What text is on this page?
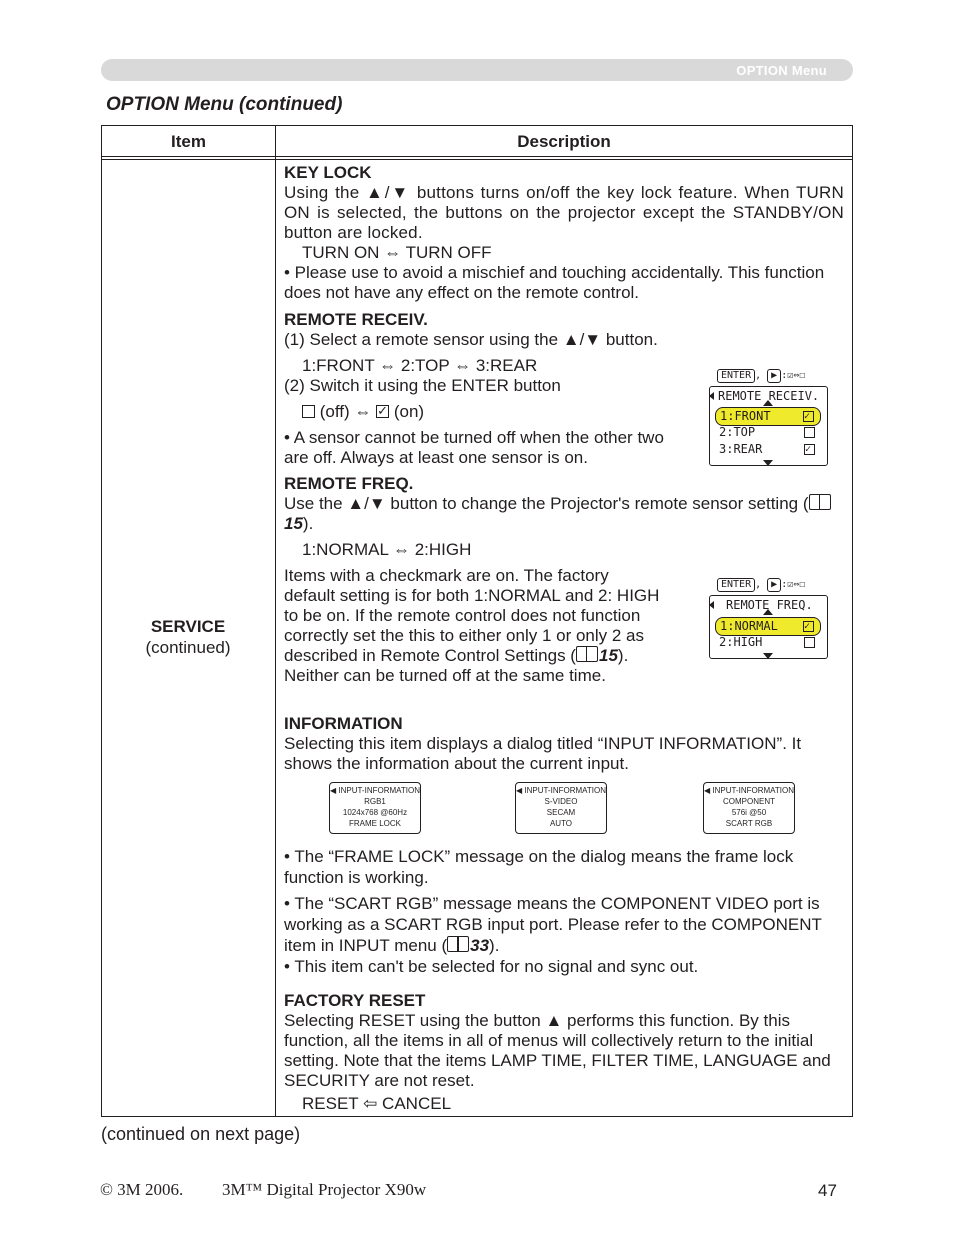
OPTION Menu
OPTION Menu (continued)
Item	Description
SERVICE
(continued)
KEY LOCK
Using the ▲/▼ buttons turns on/off the key lock feature. When TURN ON is selected, the buttons on the projector except the STANDBY/ON button are locked.
TURN ON ⇔ TURN OFF
• Please use to avoid a mischief and touching accidentally. This function does not have any effect on the remote control.
REMOTE RECEIV.
(1) Select a remote sensor using the ▲/▼ button.
1:FRONT ⇔ 2:TOP ⇔ 3:REAR
(2) Switch it using the ENTER button
(off) ⇔ ✓ (on)
• A sensor cannot be turned off when the other two are off. Always at least one sensor is on.
ENTER , ▶ :☑⇔☐
REMOTE RECEIV.
1:FRONT
✓
2:TOP
3:REAR
✓
REMOTE FREQ.
Use the ▲/▼ button to change the Projector's remote sensor setting (15).
1:NORMAL ⇔ 2:HIGH
Items with a checkmark are on. The factory default setting is for both 1:NORMAL and 2: HIGH to be on. If the remote control does not function correctly set the this to either only 1 or only 2 as described in Remote Control Settings ( 15).
Neither can be turned off at the same time.
ENTER , ▶ :☑⇔☐
REMOTE FREQ.
1:NORMAL
✓
2:HIGH
INFORMATION
Selecting this item displays a dialog titled “INPUT INFORMATION”. It shows the information about the current input.
◀ INPUT-INFORMATION
RGB1
1024x768 @60Hz
FRAME LOCK
◀ INPUT-INFORMATION
S-VIDEO
SECAM
AUTO
◀ INPUT-INFORMATION
COMPONENT
576i @50
SCART RGB
• The “FRAME LOCK” message on the dialog means the frame lock function is working.
• The “SCART RGB” message means the COMPONENT VIDEO port is working as a SCART RGB input port. Please refer to the COMPONENT item in INPUT menu ( 33).
• This item can't be selected for no signal and sync out.
FACTORY RESET
Selecting RESET using the button ▲ performs this function. By this function, all the items in all of menus will collectively return to the initial setting. Note that the items LAMP TIME, FILTER TIME, LANGUAGE and SECURITY are not reset.
RESET ⇦ CANCEL
(continued on next page)
© 3M 2006. 3M™ Digital Projector X90w	47
